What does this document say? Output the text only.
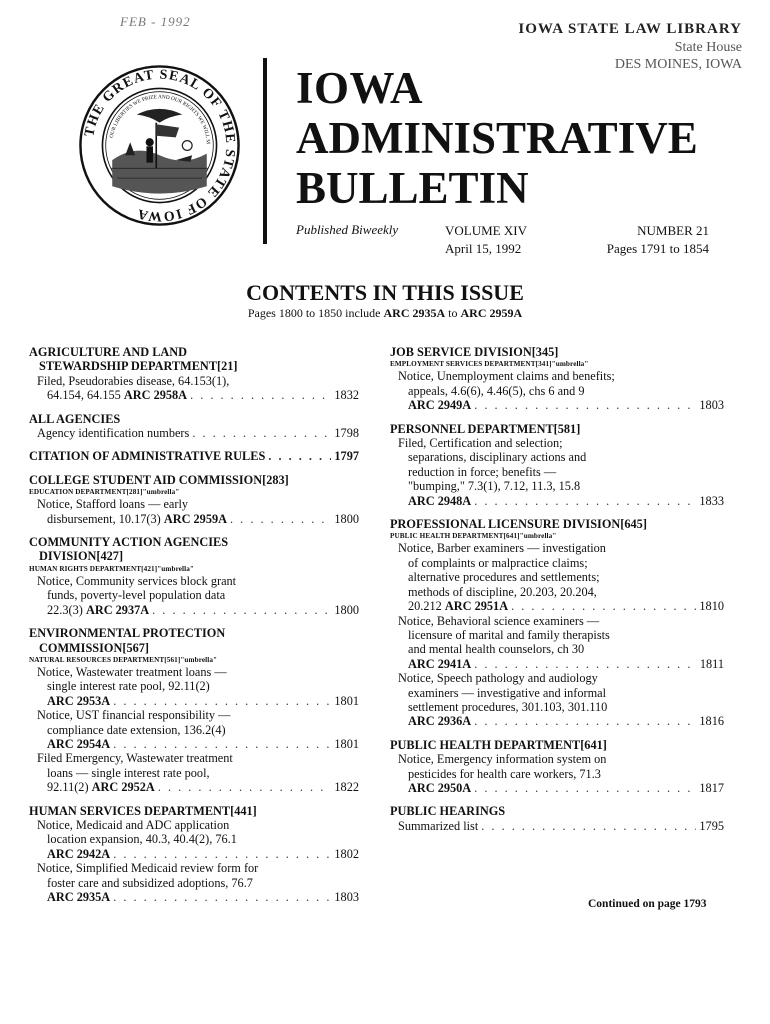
FEB - 1992	IOWA STATE LAW LIBRARY
State House
DES MOINES, IOWA
THE GREAT SEAL OF THE STATE OF IOWA
OUR LIBERTIES WE PRIZE AND OUR RIGHTS WE WILL M
IOWA
ADMINISTRATIVE
BULLETIN
Published Biweekly	VOLUME XIV
April 15, 1992
NUMBER 21
Pages 1791 to 1854
CONTENTS IN THIS ISSUE
Pages 1800 to 1850 include ARC 2935A to ARC 2959A
AGRICULTURE AND LAND
STEWARDSHIP DEPARTMENT[21]
Filed, Pseudorabies disease, 64.153(1),
64.154, 64.155 ARC 2958A . . .	1832
ALL AGENCIES
Agency identification numbers . . .	1798
CITATION OF ADMINISTRATIVE RULES . . .	1797
COLLEGE STUDENT AID COMMISSION[283]
EDUCATION DEPARTMENT[281]"umbrella"
Notice, Stafford loans — early
disbursement, 10.17(3) ARC 2959A . . .	1800
COMMUNITY ACTION AGENCIES
DIVISION[427]
HUMAN RIGHTS DEPARTMENT[421]"umbrella"
Notice, Community services block grant
funds, poverty-level population data
22.3(3) ARC 2937A . . .	1800
ENVIRONMENTAL PROTECTION
COMMISSION[567]
NATURAL RESOURCES DEPARTMENT[561]"umbrella"
Notice, Wastewater treatment loans —
single interest rate pool, 92.11(2)
ARC 2953A . . .	1801
Notice, UST financial responsibility —
compliance date extension, 136.2(4)
ARC 2954A . . .	1801
Filed Emergency, Wastewater treatment
loans — single interest rate pool,
92.11(2) ARC 2952A . . .	1822
HUMAN SERVICES DEPARTMENT[441]
Notice, Medicaid and ADC application
location expansion, 40.3, 40.4(2), 76.1
ARC 2942A . . .	1802
Notice, Simplified Medicaid review form for
foster care and subsidized adoptions, 76.7
ARC 2935A . . .	1803
JOB SERVICE DIVISION[345]
EMPLOYMENT SERVICES DEPARTMENT[341]"umbrella"
Notice, Unemployment claims and benefits;
appeals, 4.6(6), 4.46(5), chs 6 and 9
ARC 2949A . . .	1803
PERSONNEL DEPARTMENT[581]
Filed, Certification and selection;
separations, disciplinary actions and
reduction in force; benefits —
"bumping," 7.3(1), 7.12, 11.3, 15.8
ARC 2948A . . .	1833
PROFESSIONAL LICENSURE DIVISION[645]
PUBLIC HEALTH DEPARTMENT[641]"umbrella"
Notice, Barber examiners — investigation
of complaints or malpractice claims;
alternative procedures and settlements;
methods of discipline, 20.203, 20.204,
20.212 ARC 2951A . . .	1810
Notice, Behavioral science examiners —
licensure of marital and family therapists
and mental health counselors, ch 30
ARC 2941A . . .	1811
Notice, Speech pathology and audiology
examiners — investigative and informal
settlement procedures, 301.103, 301.110
ARC 2936A . . .	1816
PUBLIC HEALTH DEPARTMENT[641]
Notice, Emergency information system on
pesticides for health care workers, 71.3
ARC 2950A . . .	1817
PUBLIC HEARINGS
Summarized list . . .	1795
Continued on page 1793
